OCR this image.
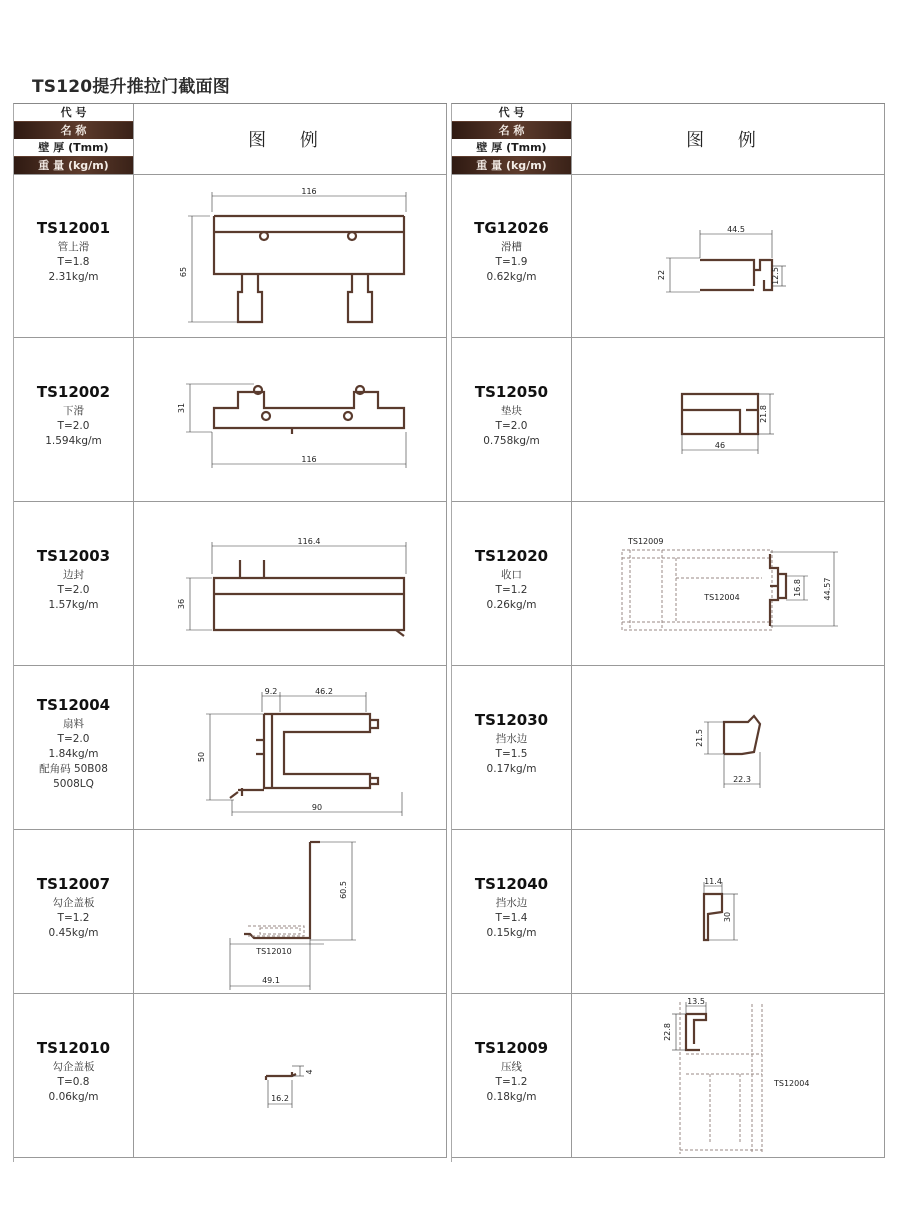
TS120提升推拉门截面图
代 号
名 称
壁 厚 (Tmm)
重 量 (kg/m)
图 例
TS12001
管上滑
T=1.8
2.31kg/m
116
65
TS12002
下滑
T=2.0
1.594kg/m
31
116
TS12003
边封
T=2.0
1.57kg/m
116.4
36
TS12004
扇料
T=2.0
1.84kg/m
配角码 50B08
5008LQ
9.2	46.2
50
90
TS12007
勾企盖板
T=1.2
0.45kg/m
60.5
TS12010
49.1
TS12010
勾企盖板
T=0.8
0.06kg/m
4
16.2
代 号
名 称
壁 厚 (Tmm)
重 量 (kg/m)
图 例
TG12026
滑槽
T=1.9
0.62kg/m
44.5
22	12.5
TS12050
垫块
T=2.0
0.758kg/m
21.8
46
TS12020
收口
T=1.2
0.26kg/m
TS12009
TS12004
16.8	44.57
TS12030
挡水边
T=1.5
0.17kg/m
21.5
22.3
TS12040
挡水边
T=1.4
0.15kg/m
11.4
30
TS12009
压线
T=1.2
0.18kg/m
13.5
22.8
TS12004
